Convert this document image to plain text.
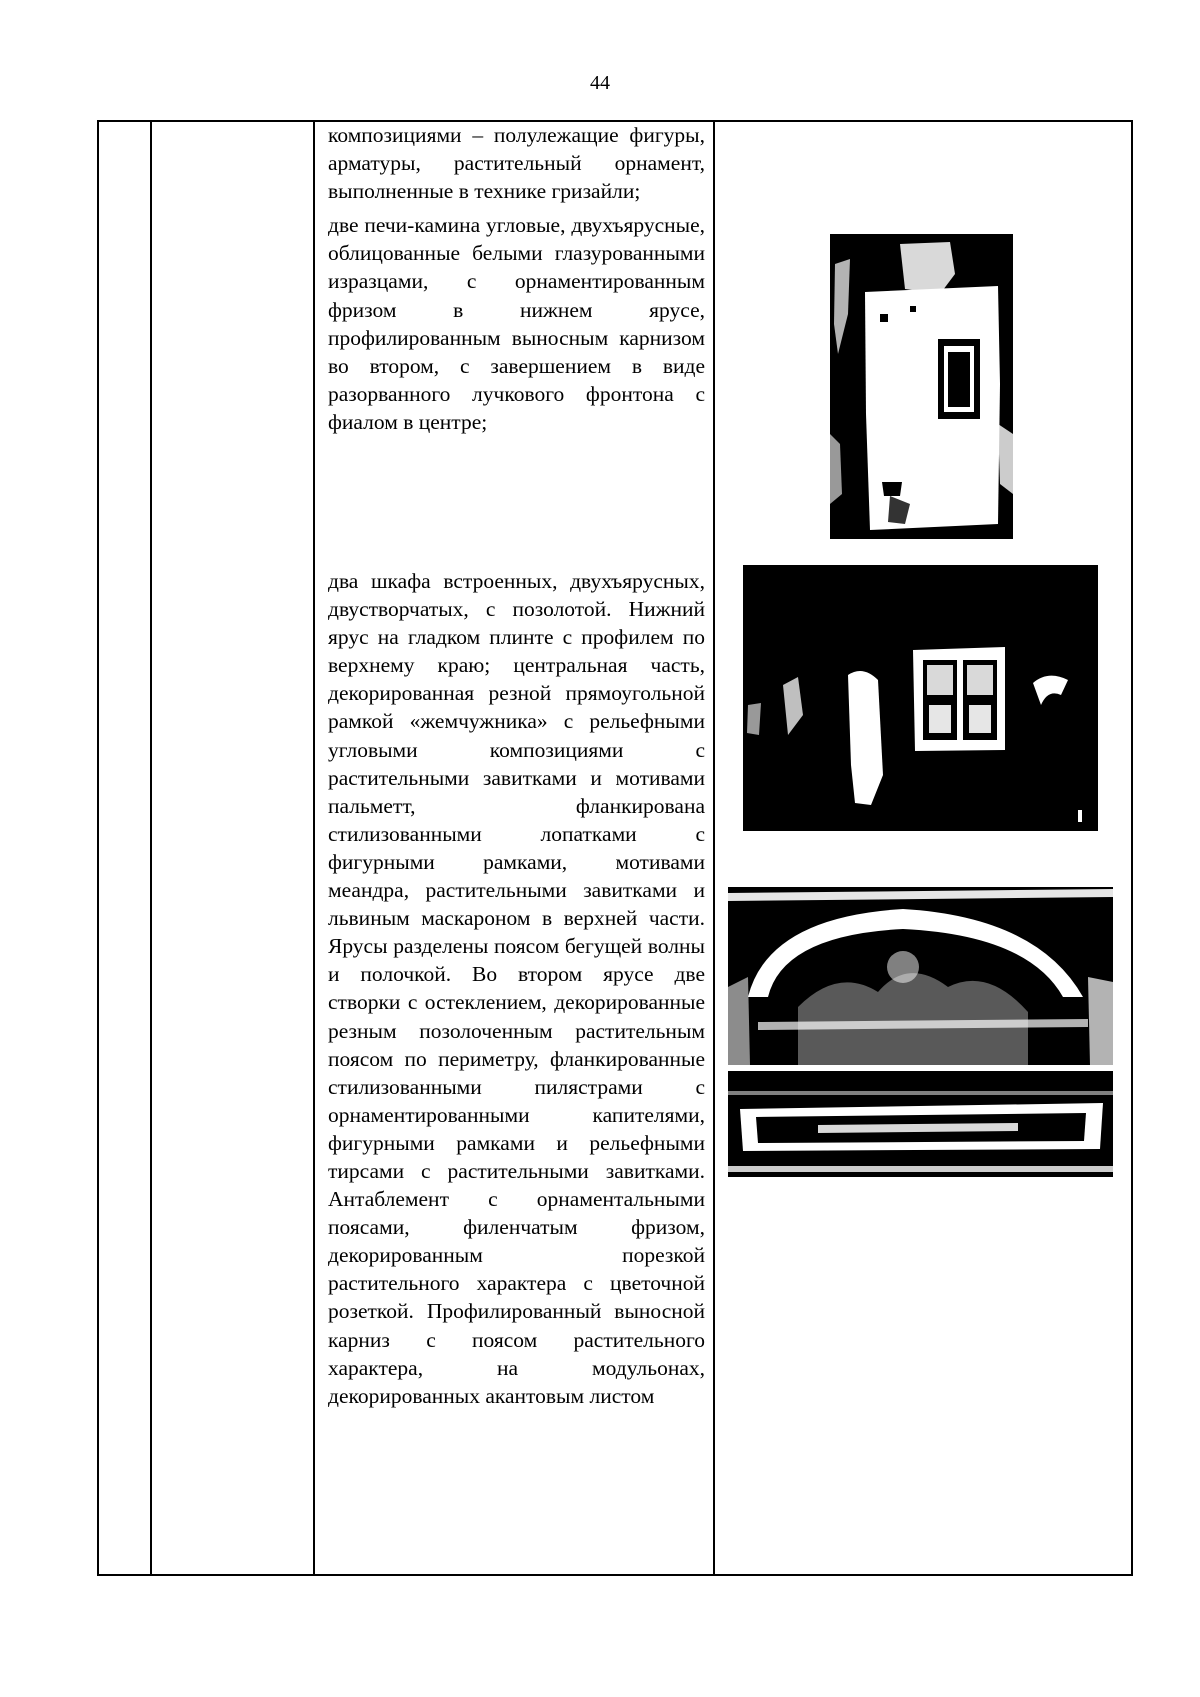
44

композициями – полулежащие фигуры, арматуры, растительный орнамент, выполненные в технике гризайли;

две печи-камина угловые, двухъярусные, облицованные белыми глазурованными изразцами, с орнаментированным фризом в нижнем ярусе, профилированным выносным карнизом во втором, с завершением в виде разорванного лучкового фронтона с фиалом в центре;

два шкафа встроенных, двухъярусных, двустворчатых, с позолотой. Нижний ярус на гладком плинте с профилем по верхнему краю; центральная часть, декорированная резной прямоугольной рамкой «жемчужника» с рельефными угловыми композициями с растительными завитками и мотивами пальметт, фланкирована стилизованными лопатками с фигурными рамками, мотивами меандра, растительными завитками и львиным маскароном в верхней части. Ярусы разделены поясом бегущей волны и полочкой. Во втором ярусе две створки с остеклением, декорированные резным позолоченным растительным поясом по периметру, фланкированные стилизованными пилястрами с орнаментированными капителями, фигурными рамками и рельефными тирсами с растительными завитками. Антаблемент с орнаментальными поясами, филенчатым фризом, декорированным порезкой растительного характера с цветочной розеткой. Профилированный выносной карниз с поясом растительного характера, на модульонах, декорированных акантовым листом
